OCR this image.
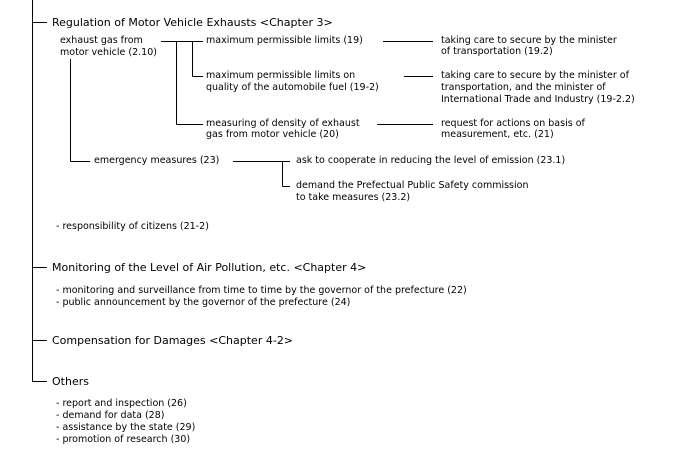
Regulation of Motor Vehicle Exhausts <Chapter 3>
exhaust gas from
motor vehicle (2.10)
maximum permissible limits (19)	taking care to secure by the minister
of transportation (19.2)
maximum permissible limits on
quality of the automobile fuel (19-2)
taking care to secure by the minister of
transportation, and the minister of
International Trade and Industry (19-2.2)
measuring of density of exhaust
gas from motor vehicle (20)
request for actions on basis of
measurement, etc. (21)
emergency measures (23)	ask to cooperate in reducing the level of emission (23.1)
demand the Prefectual Public Safety commission
to take measures (23.2)
- responsibility of citizens (21-2)
Monitoring of the Level of Air Pollution, etc. <Chapter 4>
- monitoring and surveillance from time to time by the governor of the prefecture (22)
- public announcement by the governor of the prefecture (24)
Compensation for Damages <Chapter 4-2>
Others
- report and inspection (26)
- demand for data (28)
- assistance by the state (29)
- promotion of research (30)
